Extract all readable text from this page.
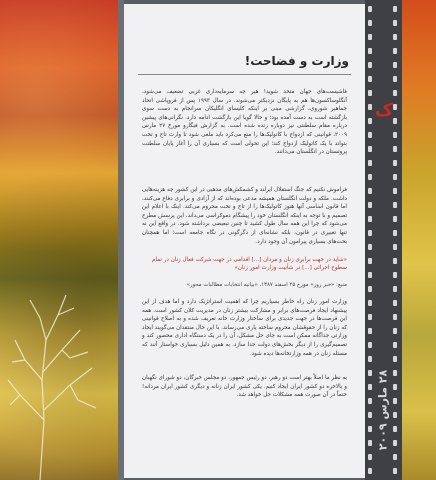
وزارت و فضاحت!

فاشیست‌های جهان متحد شوید! هیر چه سرمایه‌داری غربی تضعیف می‌شود، آنگلوساکسون‌ها هم به پایگان نزدیکتر می‌شوند. در سال ۱۹۹۳ پس از فروپاشی اتحاد جماهیر شوروی، گزارشی مبنی بر اینکه کلیسای انگلیکان سرانجام به دست سوی بازگشته است به دست آمده بود؛ و حالا گویا این بازگشت ادامه دارد. نگرانی‌های پیشین درباره مقام سلطنتی نیز دوباره زنده شده است. به گزارش فیگارو مورخ ۲۷ مارس ۲۰۰۹، قوانینی که ازدواج با کاتولیک‌ها را منع می‌کرد باید ملغی شود تا وارث تاج و تخت بتواند با یک کاتولیک ازدواج کند؛ این تحولی است که بسیاری آن را آغاز پایان سلطنت پروتستان در انگلستان می‌دانند.

فراموش نکنیم که جنگ استقلال ایرلند و کشمکش‌های مذهبی در این کشور چه هزینه‌هایی داشت. ملکه و دولت انگلستان همیشه مدعی بوده‌اند که از آزادی و برابری دفاع می‌کنند، اما قانون اساسی آنها هنوز کاتولیک‌ها را از تاج و تخت محروم می‌کند. اینک با اعلام این تصمیم و با توجه به اینکه انگلستان خود را پیشگام دموکراسی می‌داند، این پرسش مطرح می‌شود که چرا این همه سال طول کشید تا چنین تبعیضی برداشته شود. در واقع این نه تنها تغییری در قانون، بلکه نشانه‌ای از دگرگونی در نگاه جامعه است؛ اما همچنان بحث‌های بسیاری پیرامون آن وجود دارد.

«شاید در جهت برابری زنان و مردان [...] اقدامی در جهت شرکت فعال زنان در تمام سطوح اجرائی [...] در شأنیت وزارت امور زنان»

منبع: «خبر روز» مورخ ۲۵ اسفند ۱۳۸۷، «بیانیه انتخابات مطالبات محور»

وزارت امور زنان راه خاطر بسیاریم چرا که اهمیت استراتژیک دارد و اما هدف از این پیشنهاد ایجاد فرصت‌های برابر و مشارکت بیشتر زنان در مدیریت کلان کشور است. همه این فرصت‌ها در جهت جدیدی برای ساختار وزارت خانه تعریف شده و به اصلاح قوانینی که زنان را از حقوقشان محروم ساخته یاری می‌رساند. با این حال منتقدان می‌گویند ایجاد وزارتی جداگانه ممکن است به جای حل مشکل، آن را در یک دستگاه اداری محصور کند و تصمیم‌گیری را از دیگر بخش‌های دولت جدا سازد. به همین دلیل بسیاری خواستار آنند که مسئله زنان در همه وزارتخانه‌ها دیده شود.

به نظر ما اصلاً بهتر است دو رهبر، دو رئیس جمهور، دو مجلس خبرگان، دو شورای نگهبان و بالاخره دو کشور ایران ایجاد کنیم. یکی کشور ایران زنانه و دیگری کشور ایران مردانه! حتماً در آن صورت همه مشکلات حل خواهد شد.

ک
۲۸ مارس ۲۰۰۹
